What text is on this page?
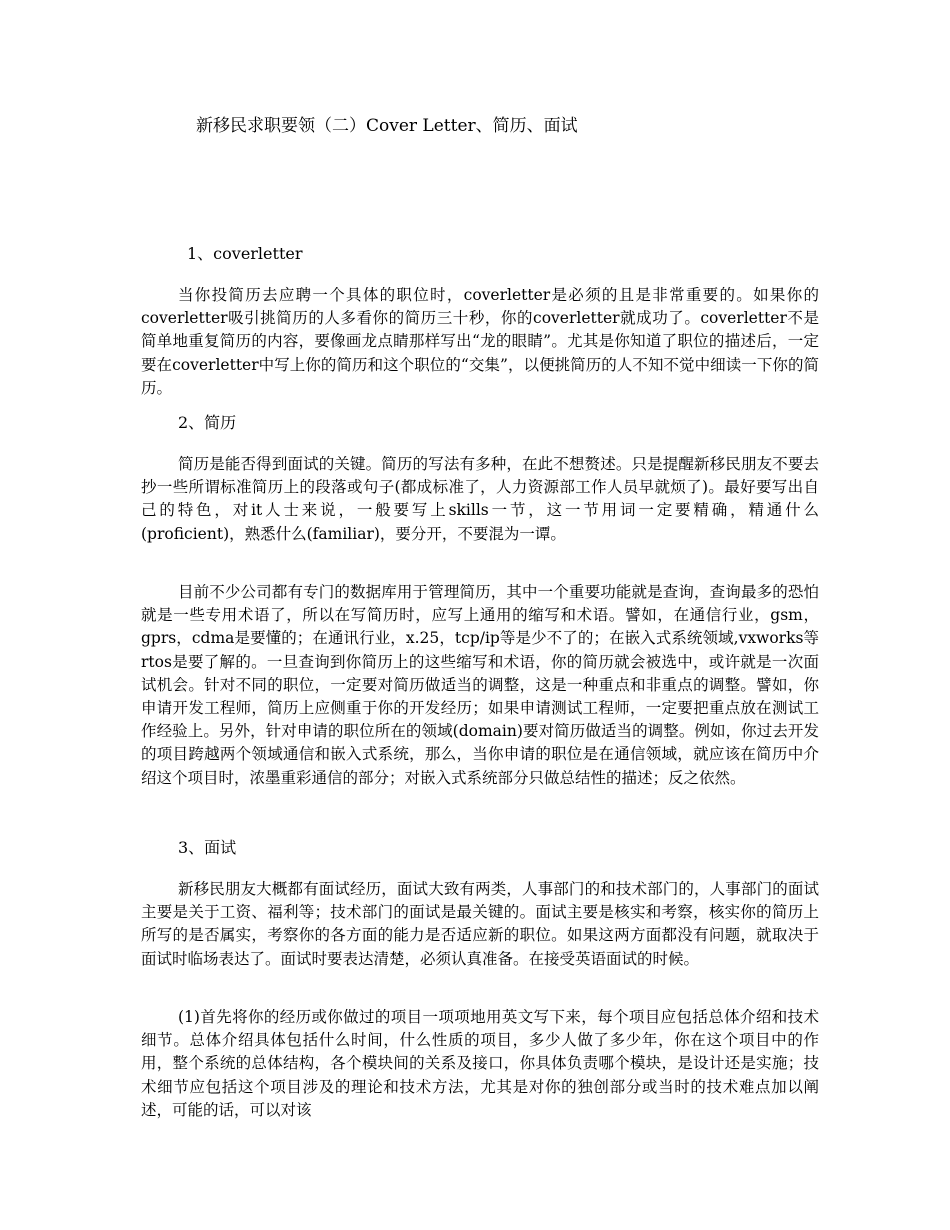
新移民求职要领（二）Cover Letter、简历、面试
1、coverletter

当你投简历去应聘一个具体的职位时，coverletter是必须的且是非常重要的。如果你的coverletter吸引挑简历的人多看你的简历三十秒，你的coverletter就成功了。coverletter不是简单地重复简历的内容，要像画龙点睛那样写出“龙的眼睛”。尤其是你知道了职位的描述后，一定要在coverletter中写上你的简历和这个职位的“交集”，以便挑简历的人不知不觉中细读一下你的简历。

2、简历

简历是能否得到面试的关键。简历的写法有多种，在此不想赘述。只是提醒新移民朋友不要去抄一些所谓标准简历上的段落或句子(都成标准了，人力资源部工作人员早就烦了)。最好要写出自己的特色，对it人士来说，一般要写上skills一节，这一节用词一定要精确，精通什么(proficient)，熟悉什么(familiar)，要分开，不要混为一谭。

目前不少公司都有专门的数据库用于管理简历，其中一个重要功能就是查询，查询最多的恐怕就是一些专用术语了，所以在写简历时，应写上通用的缩写和术语。譬如，在通信行业，gsm，gprs，cdma是要懂的；在通讯行业，x.25，tcp/ip等是少不了的；在嵌入式系统领域,vxworks等rtos是要了解的。一旦查询到你简历上的这些缩写和术语，你的简历就会被选中，或许就是一次面试机会。针对不同的职位，一定要对简历做适当的调整，这是一种重点和非重点的调整。譬如，你申请开发工程师，简历上应侧重于你的开发经历；如果申请测试工程师，一定要把重点放在测试工作经验上。另外，针对申请的职位所在的领域(domain)要对简历做适当的调整。例如，你过去开发的项目跨越两个领域通信和嵌入式系统，那么，当你申请的职位是在通信领域，就应该在简历中介绍这个项目时，浓墨重彩通信的部分；对嵌入式系统部分只做总结性的描述；反之依然。

3、面试

新移民朋友大概都有面试经历，面试大致有两类，人事部门的和技术部门的，人事部门的面试主要是关于工资、福利等；技术部门的面试是最关键的。面试主要是核实和考察，核实你的简历上所写的是否属实，考察你的各方面的能力是否适应新的职位。如果这两方面都没有问题，就取决于面试时临场表达了。面试时要表达清楚，必须认真准备。在接受英语面试的时候。

(1)首先将你的经历或你做过的项目一项项地用英文写下来，每个项目应包括总体介绍和技术细节。总体介绍具体包括什么时间，什么性质的项目，多少人做了多少年，你在这个项目中的作用，整个系统的总体结构，各个模块间的关系及接口，你具体负责哪个模块，是设计还是实施；技术细节应包括这个项目涉及的理论和技术方法，尤其是对你的独创部分或当时的技术难点加以阐述，可能的话，可以对该
